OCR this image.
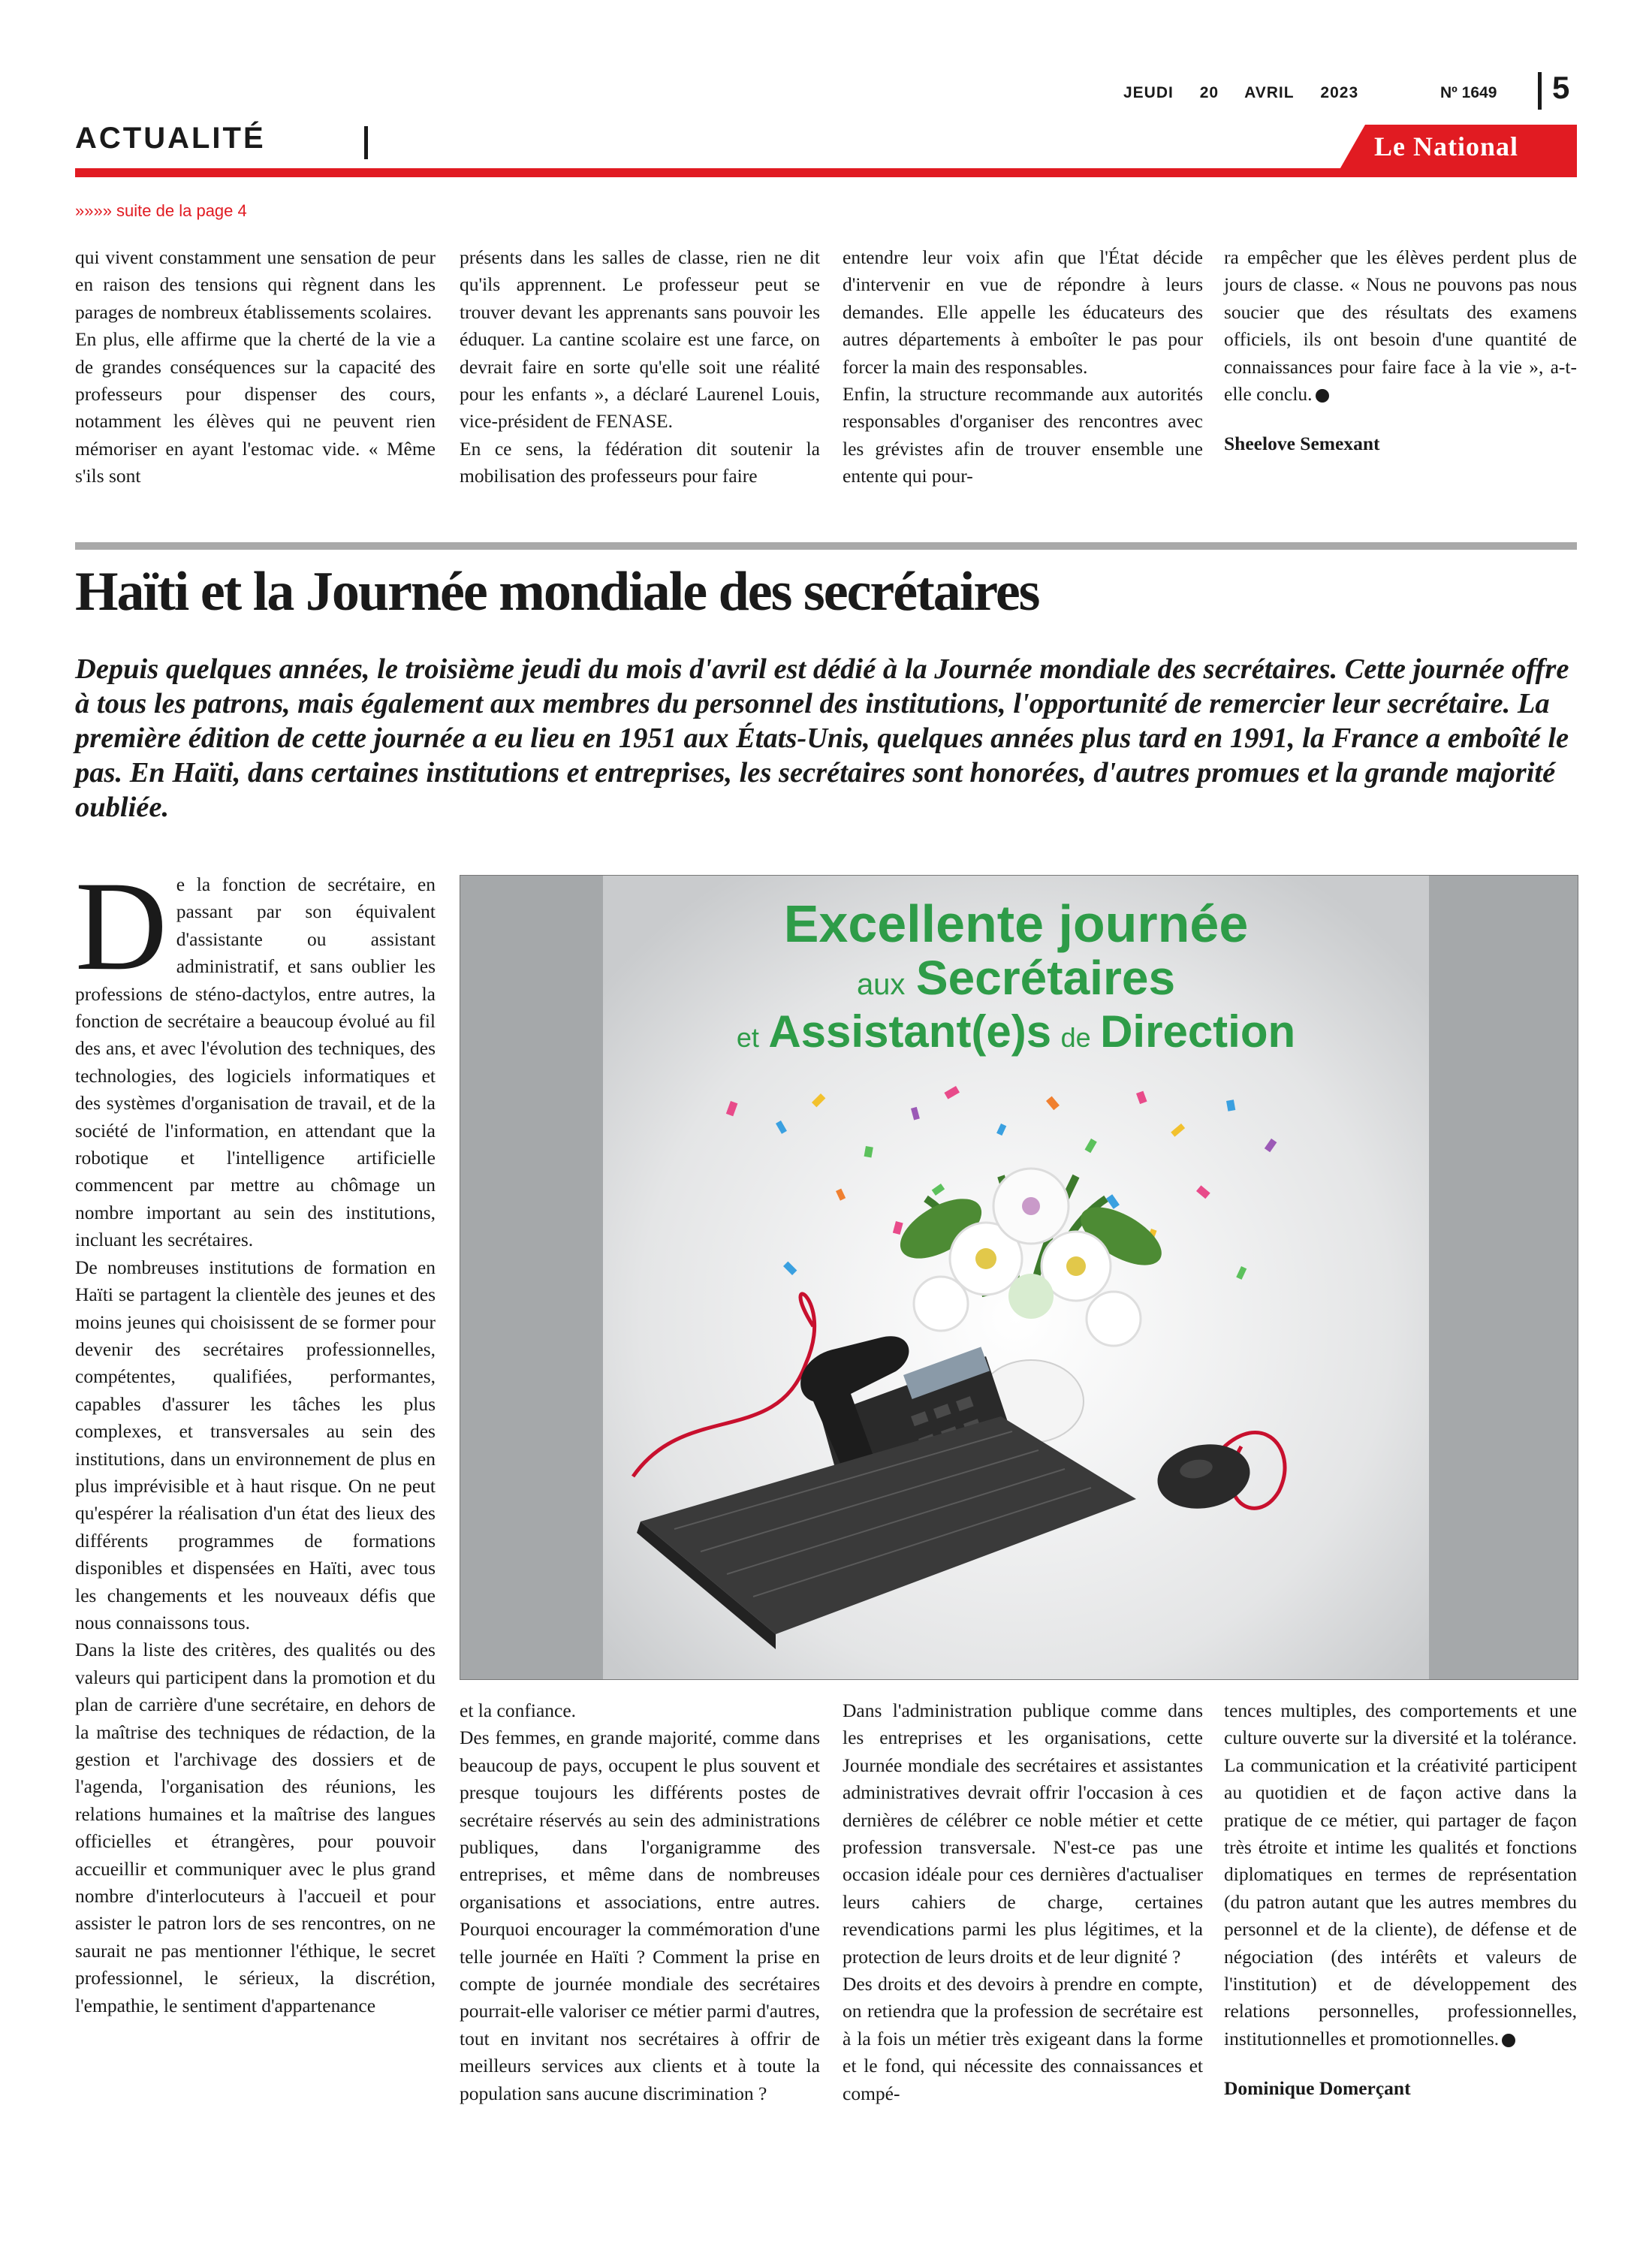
JEUDI 20 AVRIL 2023	Nº 1649	5
ACTUALITÉ	Le National
»»»» suite de la page 4

qui vivent constamment une sensation de peur en raison des tensions qui règnent dans les parages de nombreux établissements scolaires.

En plus, elle affirme que la cherté de la vie a de grandes conséquences sur la capacité des professeurs pour dispenser des cours, notamment les élèves qui ne peuvent rien mémoriser en ayant l'estomac vide. « Même s'ils sont

présents dans les salles de classe, rien ne dit qu'ils apprennent. Le professeur peut se trouver devant les apprenants sans pouvoir les éduquer. La cantine scolaire est une farce, on devrait faire en sorte qu'elle soit une réalité pour les enfants », a déclaré Laurenel Louis, vice-président de FENASE.

En ce sens, la fédération dit soutenir la mobilisation des professeurs pour faire

entendre leur voix afin que l'État décide d'intervenir en vue de répondre à leurs demandes. Elle appelle les éducateurs des autres départements à emboîter le pas pour forcer la main des responsables.

Enfin, la structure recommande aux autorités responsables d'organiser des rencontres avec les grévistes afin de trouver ensemble une entente qui pour-

ra empêcher que les élèves perdent plus de jours de classe. « Nous ne pouvons pas nous soucier que des résultats des examens officiels, ils ont besoin d'une quantité de connaissances pour faire face à la vie », a-t-elle conclu.

Sheelove Semexant

Haïti et la Journée mondiale des secrétaires
Depuis quelques années, le troisième jeudi du mois d'avril est dédié à la Journée mondiale des secrétaires. Cette journée offre à tous les patrons, mais également aux membres du personnel des institutions, l'opportunité de remercier leur secrétaire. La première édition de cette journée a eu lieu en 1951 aux États-Unis, quelques années plus tard en 1991, la France a emboîté le pas. En Haïti, dans certaines institutions et entreprises, les secrétaires sont honorées, d'autres promues et la grande majorité oubliée.

De la fonction de secrétaire, en passant par son équivalent d'assistante ou assistant administratif, et sans oublier les professions de sténo-dactylos, entre autres, la fonction de secrétaire a beaucoup évolué au fil des ans, et avec l'évolution des techniques, des technologies, des logiciels informatiques et des systèmes d'organisation de travail, et de la société de l'information, en attendant que la robotique et l'intelligence artificielle commencent par mettre au chômage un nombre important au sein des institutions, incluant les secrétaires.

De nombreuses institutions de formation en Haïti se partagent la clientèle des jeunes et des moins jeunes qui choisissent de se former pour devenir des secrétaires professionnelles, compétentes, qualifiées, performantes, capables d'assurer les tâches les plus complexes, et transversales au sein des institutions, dans un environnement de plus en plus imprévisible et à haut risque. On ne peut qu'espérer la réalisation d'un état des lieux des différents programmes de formations disponibles et dispensées en Haïti, avec tous les changements et les nouveaux défis que nous connaissons tous.

Dans la liste des critères, des qualités ou des valeurs qui participent dans la promotion et du plan de carrière d'une secrétaire, en dehors de la maîtrise des techniques de rédaction, de la gestion et l'archivage des dossiers et de l'agenda, l'organisation des réunions, les relations humaines et la maîtrise des langues officielles et étrangères, pour pouvoir accueillir et communiquer avec le plus grand nombre d'interlocuteurs à l'accueil et pour assister le patron lors de ses rencontres, on ne saurait ne pas mentionner l'éthique, le secret professionnel, le sérieux, la discrétion, l'empathie, le sentiment d'appartenance

Excellente journée
aux Secrétaires
et Assistant(e)s de Direction

et la confiance.

Des femmes, en grande majorité, comme dans beaucoup de pays, occupent le plus souvent et presque toujours les différents postes de secrétaire réservés au sein des administrations publiques, dans l'organigramme des entreprises, et même dans de nombreuses organisations et associations, entre autres. Pourquoi encourager la commémoration d'une telle journée en Haïti ? Comment la prise en compte de journée mondiale des secrétaires pourrait-elle valoriser ce métier parmi d'autres, tout en invitant nos secrétaires à offrir de meilleurs services aux clients et à toute la population sans aucune discrimination ?

Dans l'administration publique comme dans les entreprises et les organisations, cette Journée mondiale des secrétaires et assistantes administratives devrait offrir l'occasion à ces dernières de célébrer ce noble métier et cette profession transversale. N'est-ce pas une occasion idéale pour ces dernières d'actualiser leurs cahiers de charge, certaines revendications parmi les plus légitimes, et la protection de leurs droits et de leur dignité ?

Des droits et des devoirs à prendre en compte, on retiendra que la profession de secrétaire est à la fois un métier très exigeant dans la forme et le fond, qui nécessite des connaissances et compé-

tences multiples, des comportements et une culture ouverte sur la diversité et la tolérance. La communication et la créativité participent au quotidien et de façon active dans la pratique de ce métier, qui partager de façon très étroite et intime les qualités et fonctions diplomatiques en termes de représentation (du patron autant que les autres membres du personnel et de la cliente), de défense et de négociation (des intérêts et valeurs de l'institution) et de développement des relations personnelles, professionnelles, institutionnelles et promotionnelles.

Dominique Domerçant
